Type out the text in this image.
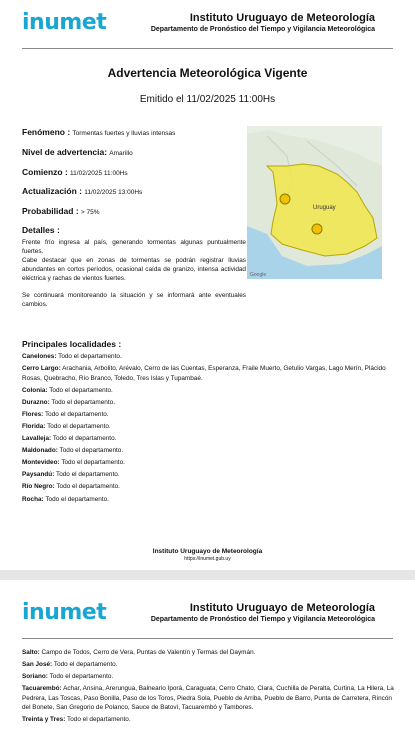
inumet	Instituto Uruguayo de Meteorología
Departamento de Pronóstico del Tiempo y Vigilancia Meteorológica
Advertencia Meteorológica Vigente
Emitido el 11/02/2025 11:00Hs
Fenómeno : Tormentas fuertes y lluvias intensas
Nivel de advertencia: Amarillo
Comienzo : 11/02/2025 11:00Hs
Actualización : 11/02/2025 13:00Hs
Probabilidad : > 75%
Uruguay
Google
Detalles :

Frente frío ingresa al país, generando tormentas algunas puntualmente fuertes.

Cabe destacar que en zonas de tormentas se podrán registrar lluvias abundantes en cortos períodos, ocasional caída de granizo, intensa actividad eléctrica y rachas de vientos fuertes.

Se continuará monitoreando la situación y se informará ante eventuales cambios.

Principales localidades :
Canelones: Todo el departamento.
Cerro Largo: Arachania, Arbolito, Arévalo, Cerro de las Cuentas, Esperanza, Fraile Muerto, Getulio Vargas, Lago Merín, Plácido Rosas, Quebracho, Río Branco, Toledo, Tres Islas y Tupambaé.
Colonia: Todo el departamento.
Durazno: Todo el departamento.
Flores: Todo el departamento.
Florida: Todo el departamento.
Lavalleja: Todo el departamento.
Maldonado: Todo el departamento.
Montevideo: Todo el departamento.
Paysandú: Todo el departamento.
Río Negro: Todo el departamento.
Rocha: Todo el departamento.
Instituto Uruguayo de Meteorología
https://inumet.gub.uy
inumet	Instituto Uruguayo de Meteorología
Departamento de Pronóstico del Tiempo y Vigilancia Meteorológica
Salto: Campo de Todos, Cerro de Vera, Puntas de Valentín y Termas del Daymán.
San José: Todo el departamento.
Soriano: Todo el departamento.
Tacuarembó: Achar, Ansina, Arerungua, Balneario Iporá, Caraguata, Cerro Chato, Clara, Cuchilla de Peralta, Curtina, La Hilera, La Pedrera, Las Toscas, Paso Bonilla, Paso de los Toros, Piedra Sola, Pueblo de Arriba, Pueblo de Barro, Punta de Carretera, Rincón del Bonete, San Gregorio de Polanco, Sauce de Batoví, Tacuarembó y Tambores.
Treinta y Tres: Todo el departamento.
